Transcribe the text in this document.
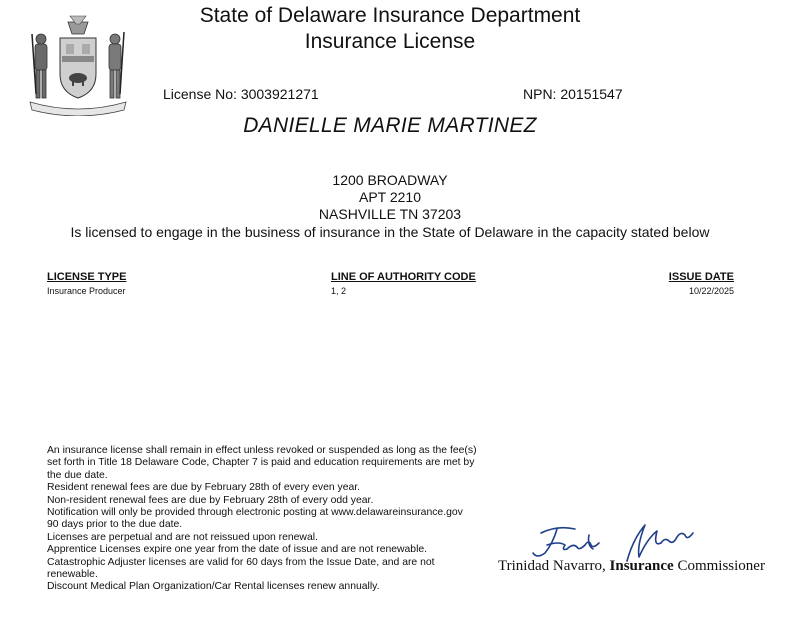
State of Delaware Insurance Department
Insurance License
License No: 3003921271	NPN: 20151547
DANIELLE MARIE MARTINEZ
1200 BROADWAY
APT 2210
NASHVILLE TN 37203
Is licensed to engage in the business of insurance in the State of Delaware in the capacity stated below
LICENSE TYPE	LINE OF AUTHORITY CODE	ISSUE DATE
Insurance Producer	1, 2	10/22/2025
An insurance license shall remain in effect unless revoked or suspended as long as the fee(s)
set forth in Title 18 Delaware Code, Chapter 7 is paid and education requirements are met by
the due date.
Resident renewal fees are due by February 28th of every even year.
Non-resident renewal fees are due by February 28th of every odd year.
Notification will only be provided through electronic posting at www.delawareinsurance.gov
90 days prior to the due date.
Licenses are perpetual and are not reissued upon renewal.
Apprentice Licenses expire one year from the date of issue and are not renewable.
Catastrophic Adjuster licenses are valid for 60 days from the Issue Date, and are not
renewable.
Discount Medical Plan Organization/Car Rental licenses renew annually.
Trinidad Navarro, Insurance Commissioner
